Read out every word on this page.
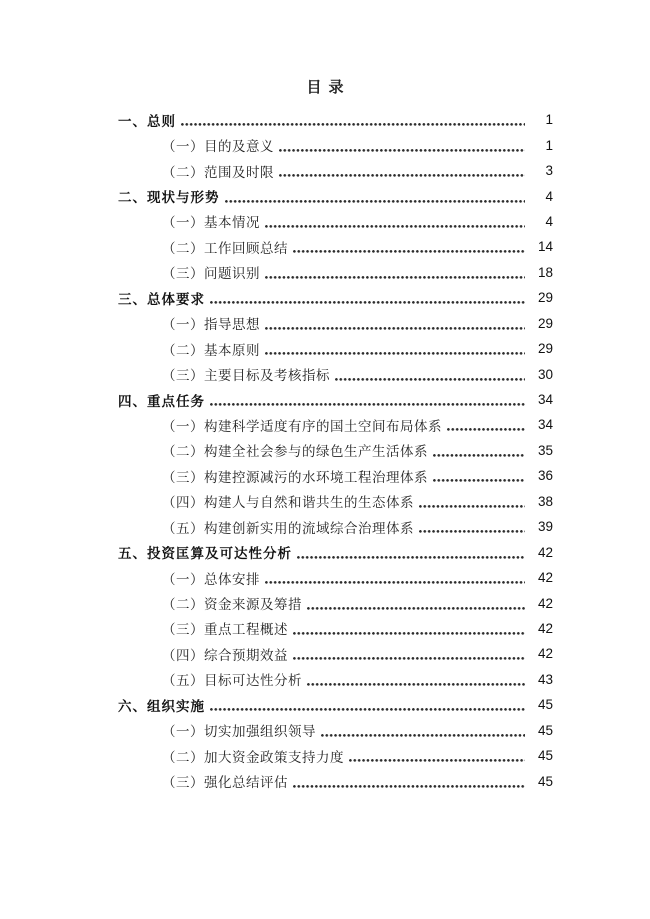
目录
一、总则	1
（一）目的及意义	1
（二）范围及时限	3
二、现状与形势	4
（一）基本情况	4
（二）工作回顾总结	14
（三）问题识别	18
三、总体要求	29
（一）指导思想	29
（二）基本原则	29
（三）主要目标及考核指标	30
四、重点任务	34
（一）构建科学适度有序的国土空间布局体系	34
（二）构建全社会参与的绿色生产生活体系	35
（三）构建控源减污的水环境工程治理体系	36
（四）构建人与自然和谐共生的生态体系	38
（五）构建创新实用的流域综合治理体系	39
五、投资匡算及可达性分析	42
（一）总体安排	42
（二）资金来源及筹措	42
（三）重点工程概述	42
（四）综合预期效益	42
（五）目标可达性分析	43
六、组织实施	45
（一）切实加强组织领导	45
（二）加大资金政策支持力度	45
（三）强化总结评估	45
